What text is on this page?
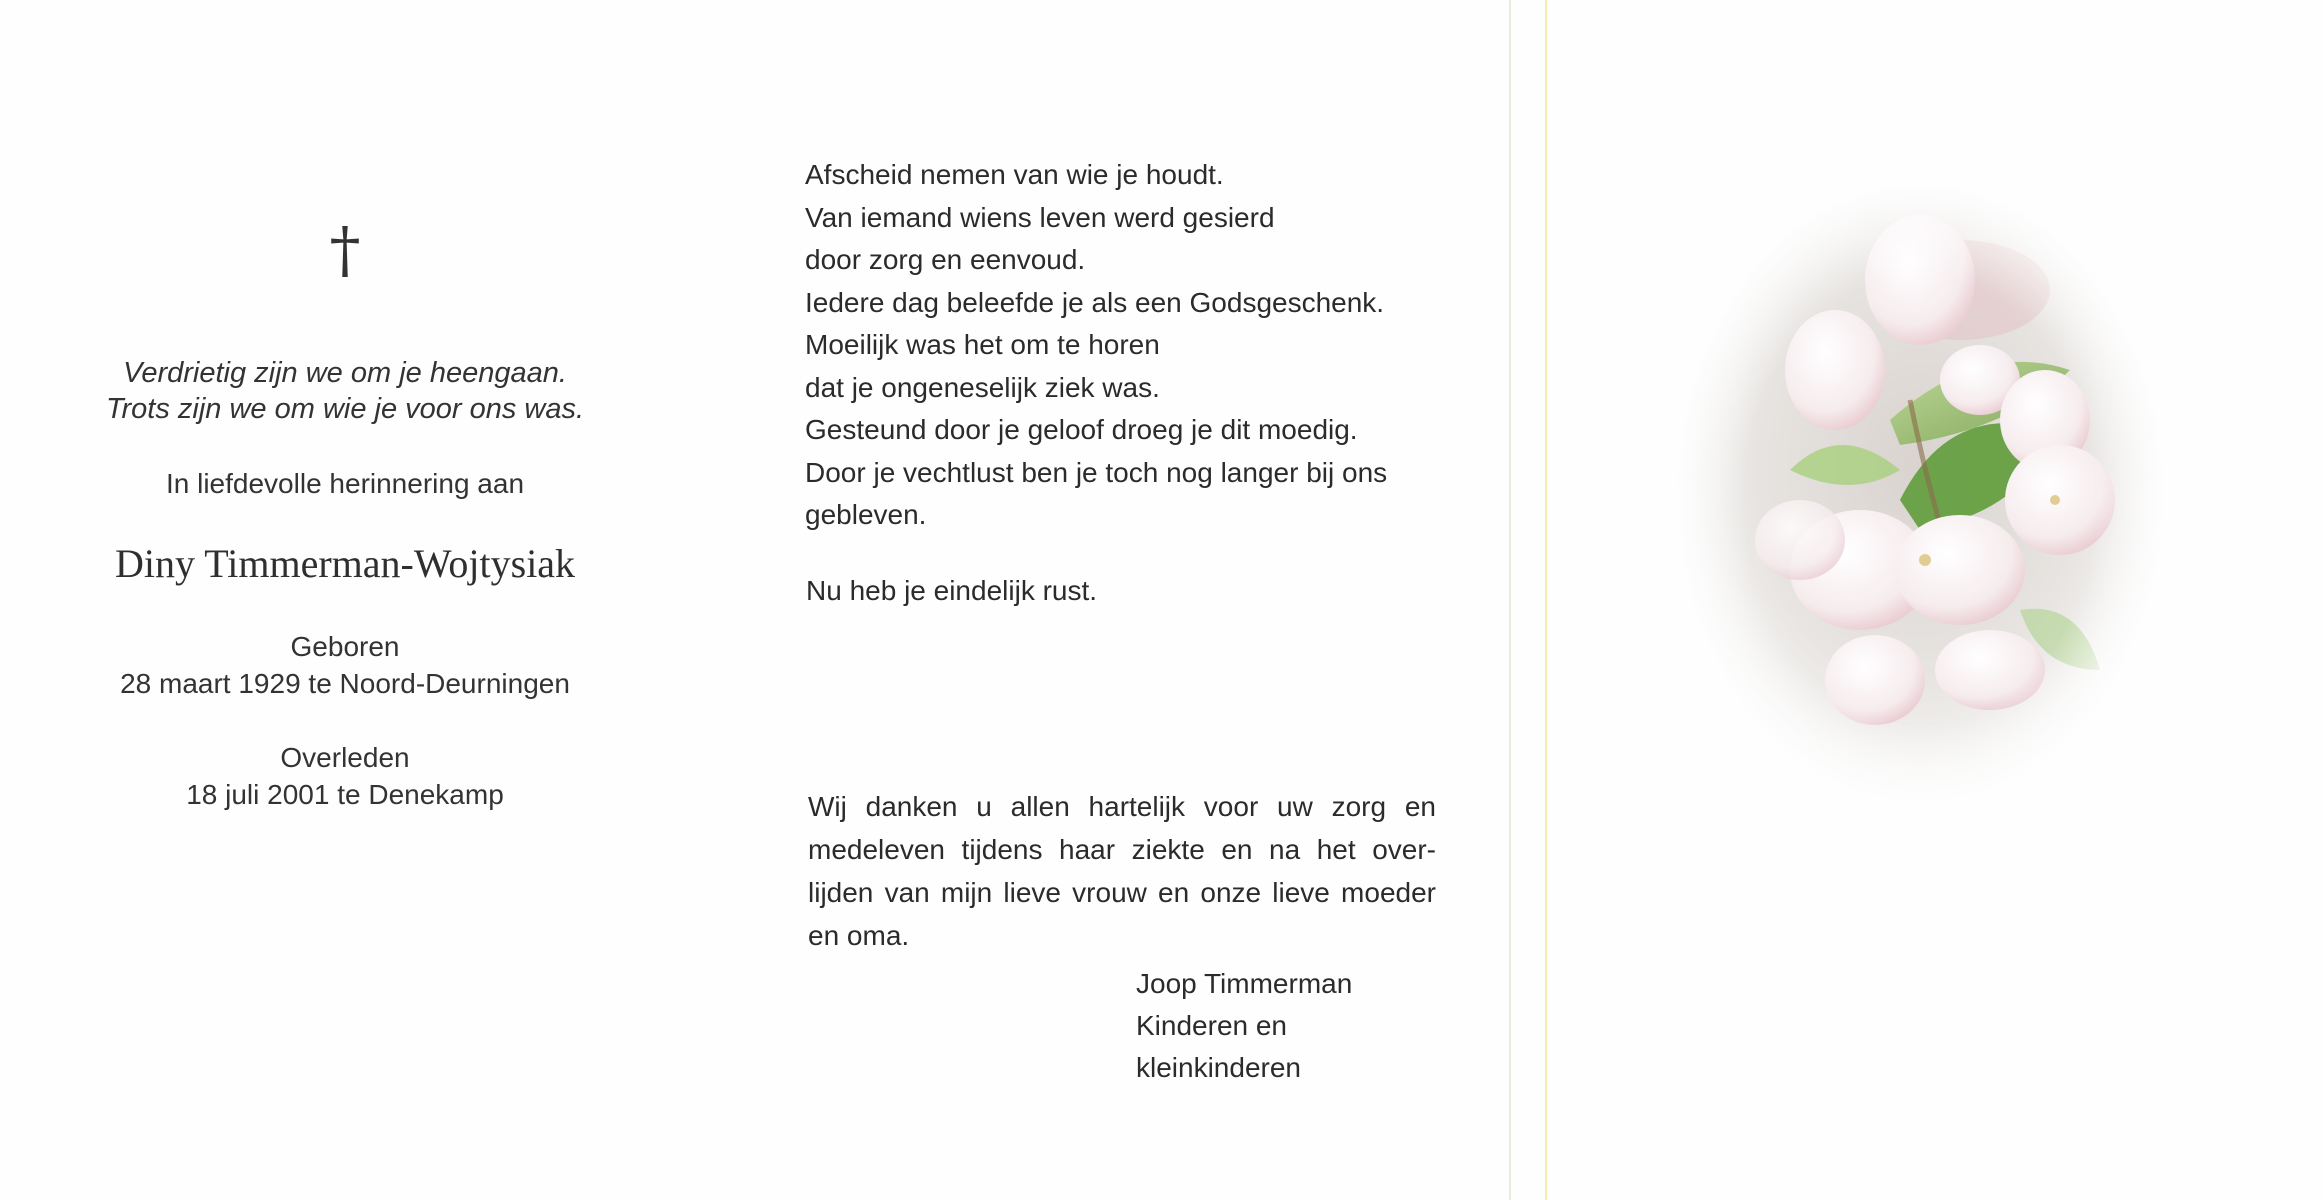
†
Verdrietig zijn we om je heengaan.
Trots zijn we om wie je voor ons was.
In liefdevolle herinnering aan
Diny Timmerman-Wojtysiak
Geboren
28 maart 1929 te Noord-Deurningen
Overleden
18 juli 2001 te Denekamp
Afscheid nemen van wie je houdt.
Van iemand wiens leven werd gesierd
door zorg en eenvoud.
Iedere dag beleefde je als een Godsgeschenk.
Moeilijk was het om te horen
dat je ongeneselijk ziek was.
Gesteund door je geloof droeg je dit moedig.
Door je vechtlust ben je toch nog langer bij ons
gebleven.
Nu heb je eindelijk rust.
Wij danken u allen hartelijk voor uw zorg en medeleven tijdens haar ziekte en na het over-lijden van mijn lieve vrouw en onze lieve moeder en oma.
Joop Timmerman
Kinderen en
kleinkinderen
